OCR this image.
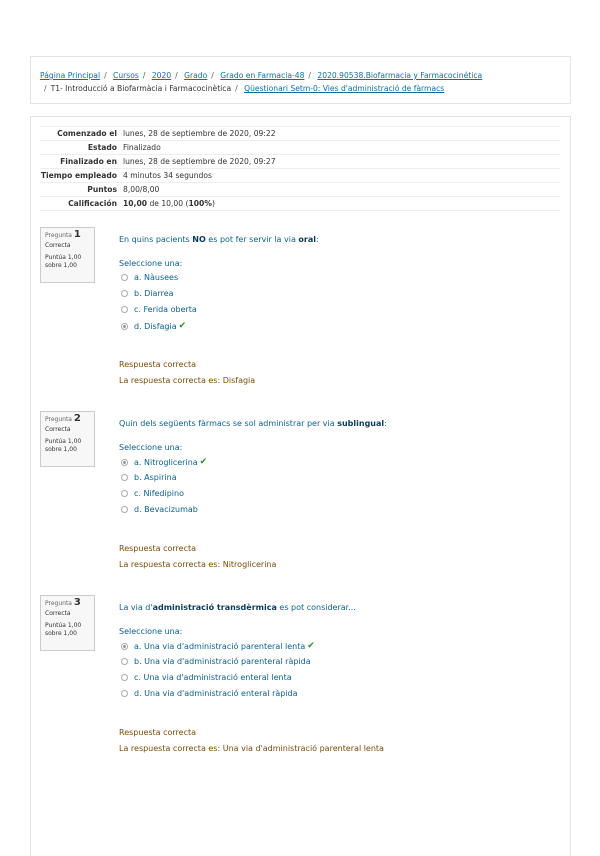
Página Principal / Cursos / 2020 / Grado / Grado en Farmacia-48 / 2020.90538.Biofarmacia y Farmacocinética
/ T1- Introducció a Biofarmàcia i Farmacocinètica / Qüestionari Setm-0: Vies d'administració de fàrmacs
Comenzado el	lunes, 28 de septiembre de 2020, 09:22
Estado	Finalizado
Finalizado en	lunes, 28 de septiembre de 2020, 09:27
Tiempo empleado	4 minutos 34 segundos
Puntos	8,00/8,00
Calificación	10,00 de 10,00 (100%)
Pregunta 1
Correcta
Puntúa 1,00 sobre 1,00
En quins pacients NO es pot fer servir la via oral:
Seleccione una:
a. Nàusees
b. Diarrea
c. Ferida oberta
d. Disfagia ✔
Respuesta correcta
La respuesta correcta es: Disfagia
Pregunta 2
Correcta
Puntúa 1,00 sobre 1,00
Quin dels següents fàrmacs se sol administrar per via sublingual:
Seleccione una:
a. Nitroglicerina ✔
b. Aspirina
c. Nifedipino
d. Bevacizumab
Respuesta correcta
La respuesta correcta es: Nitroglicerina
Pregunta 3
Correcta
Puntúa 1,00 sobre 1,00
La via d'administració transdèrmica es pot considerar...
Seleccione una:
a. Una via d'administració parenteral lenta ✔
b. Una via d'administració parenteral ràpida
c. Una via d'administració enteral lenta
d. Una via d'administració enteral ràpida
Respuesta correcta
La respuesta correcta es: Una via d'administració parenteral lenta
